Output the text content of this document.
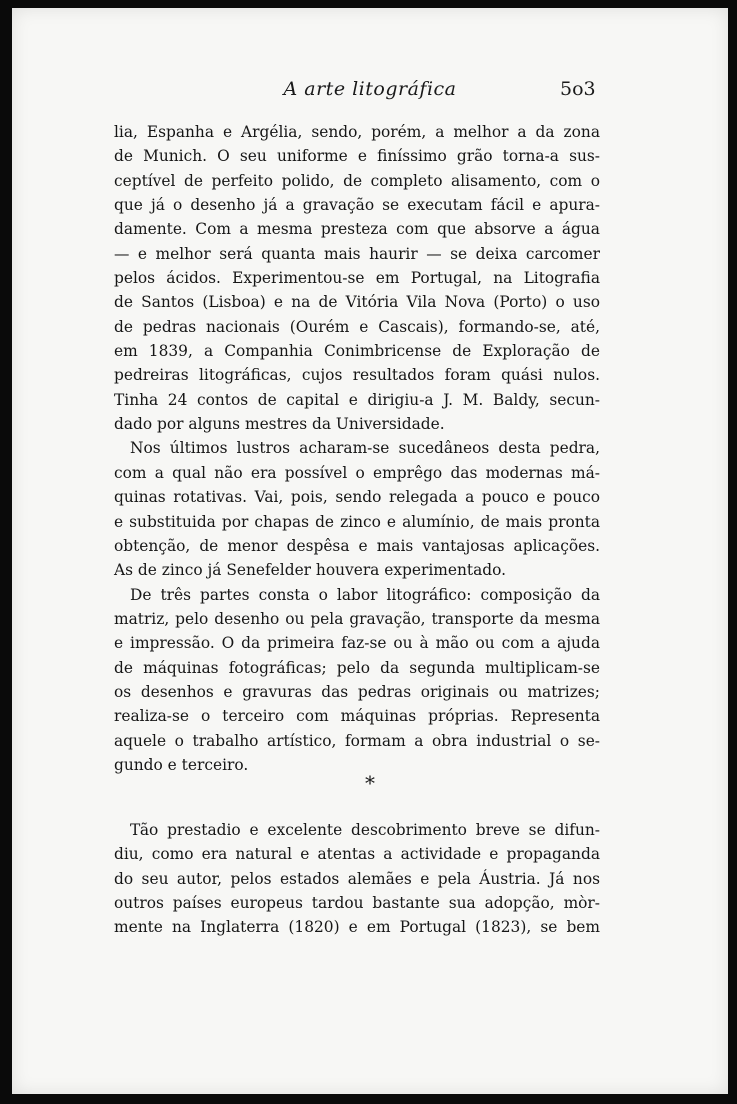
A arte litográfica	5o3
lia, Espanha e Argélia, sendo, porém, a melhor a da zona
de Munich. O seu uniforme e finíssimo grão torna-a sus-
ceptível de perfeito polido, de completo alisamento, com o
que já o desenho já a gravação se executam fácil e apura-
damente. Com a mesma presteza com que absorve a água
— e melhor será quanta mais haurir — se deixa carcomer
pelos ácidos. Experimentou-se em Portugal, na Litografia
de Santos (Lisboa) e na de Vitória Vila Nova (Porto) o uso
de pedras nacionais (Ourém e Cascais), formando-se, até,
em 1839, a Companhia Conimbricense de Exploração de
pedreiras litográficas, cujos resultados foram quási nulos.
Tinha 24 contos de capital e dirigiu-a J. M. Baldy, secun-
dado por alguns mestres da Universidade.
Nos últimos lustros acharam-se sucedâneos desta pedra,
com a qual não era possível o emprêgo das modernas má-
quinas rotativas. Vai, pois, sendo relegada a pouco e pouco
e substituida por chapas de zinco e alumínio, de mais pronta
obtenção, de menor despêsa e mais vantajosas aplicações.
As de zinco já Senefelder houvera experimentado.
De três partes consta o labor litográfico: composição da
matriz, pelo desenho ou pela gravação, transporte da mesma
e impressão. O da primeira faz-se ou à mão ou com a ajuda
de máquinas fotográficas; pelo da segunda multiplicam-se
os desenhos e gravuras das pedras originais ou matrizes;
realiza-se o terceiro com máquinas próprias. Representa
aquele o trabalho artístico, formam a obra industrial o se-
gundo e terceiro.
*
Tão prestadio e excelente descobrimento breve se difun-
diu, como era natural e atentas a actividade e propaganda
do seu autor, pelos estados alemães e pela Áustria. Já nos
outros países europeus tardou bastante sua adopção, mòr-
mente na Inglaterra (1820) e em Portugal (1823), se bem
